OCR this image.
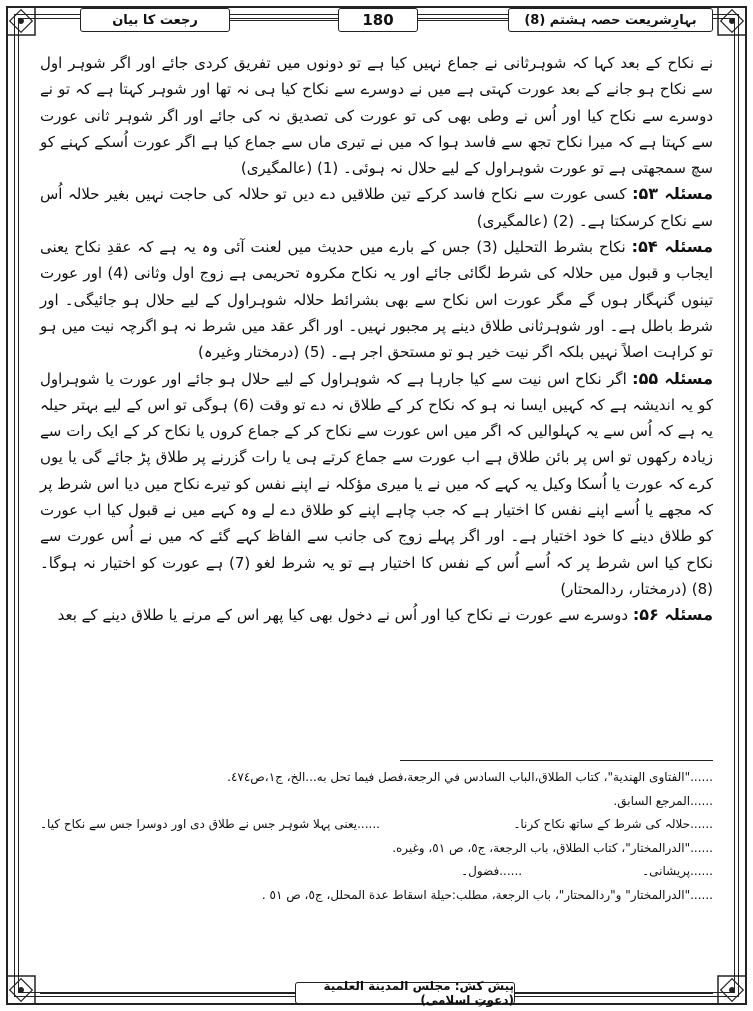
بہارِشریعت حصہ ہشتم (8)
180
رجعت کا بیان

نے نکاح کے بعد کہا کہ شوہرثانی نے جماع نہیں کیا ہے تو دونوں میں تفریق کردی جائے اور اگر شوہر اول سے نکاح ہو جانے کے بعد عورت کہتی ہے میں نے دوسرے سے نکاح کیا ہی نہ تھا اور شوہر کہتا ہے کہ تو نے دوسرے سے نکاح کیا اور اُس نے وطی بھی کی تو عورت کی تصدیق نہ کی جائے اور اگر شوہر ثانی عورت سے کہتا ہے کہ میرا نکاح تجھ سے فاسد ہوا کہ میں نے تیری ماں سے جماع کیا ہے اگر عورت اُسکے کہنے کو سچ سمجھتی ہے تو عورت شوہراول کے لیے حلال نہ ہوئی۔ (1) (عالمگیری)

مسئلہ ۵۳: کسی عورت سے نکاح فاسد کرکے تین طلاقیں دے دیں تو حلالہ کی حاجت نہیں بغیر حلالہ اُس سے نکاح کرسکتا ہے۔ (2) (عالمگیری)

مسئلہ ۵۴: نکاح بشرط التحلیل (3) جس کے بارے میں حدیث میں لعنت آئی وہ یہ ہے کہ عقدِ نکاح یعنی ایجاب و قبول میں حلالہ کی شرط لگائی جائے اور یہ نکاح مکروہ تحریمی ہے زوج اول وثانی (4) اور عورت تینوں گنہگار ہوں گے مگر عورت اس نکاح سے بھی بشرائط حلالہ شوہراول کے لیے حلال ہو جائیگی۔ اور شرط باطل ہے۔ اور شوہرثانی طلاق دینے پر مجبور نہیں۔ اور اگر عقد میں شرط نہ ہو اگرچہ نیت میں ہو تو کراہت اصلاً نہیں بلکہ اگر نیت خیر ہو تو مستحق اجر ہے۔ (5) (درمختار وغیرہ)

مسئلہ ۵۵: اگر نکاح اس نیت سے کیا جارہا ہے کہ شوہراول کے لیے حلال ہو جائے اور عورت یا شوہراول کو یہ اندیشہ ہے کہ کہیں ایسا نہ ہو کہ نکاح کر کے طلاق نہ دے تو وقت (6) ہوگی تو اس کے لیے بہتر حیلہ یہ ہے کہ اُس سے یہ کہلوالیں کہ اگر میں اس عورت سے نکاح کر کے جماع کروں یا نکاح کر کے ایک رات سے زیادہ رکھوں تو اس پر بائن طلاق ہے اب عورت سے جماع کرتے ہی یا رات گزرنے پر طلاق پڑ جائے گی یا یوں کرے کہ عورت یا اُسکا وکیل یہ کہے کہ میں نے یا میری مؤکلہ نے اپنے نفس کو تیرے نکاح میں دیا اس شرط پر کہ مجھے یا اُسے اپنے نفس کا اختیار ہے کہ جب چاہے اپنے کو طلاق دے لے وہ کہے میں نے قبول کیا اب عورت کو طلاق دینے کا خود اختیار ہے۔ اور اگر پہلے زوج کی جانب سے الفاظ کہے گئے کہ میں نے اُس عورت سے نکاح کیا اس شرط پر کہ اُسے اُس کے نفس کا اختیار ہے تو یہ شرط لغو (7) ہے عورت کو اختیار نہ ہوگا۔ (8) (درمختار، ردالمحتار)

مسئلہ ۵۶: دوسرے سے عورت نے نکاح کیا اور اُس نے دخول بھی کیا پھر اس کے مرنے یا طلاق دینے کے بعد

......"الفتاوی الهندیة"، کتاب الطلاق،الباب السادس في الرجعة،فصل فيما تحل به...الخ، ج١،ص٤٧٤.
......المرجع السابق.
......حلالہ کی شرط کے ساتھ نکاح کرنا۔
......یعنی پہلا شوہر جس نے طلاق دی اور دوسرا جس سے نکاح کیا۔
......"الدرالمختار"، کتاب الطلاق، باب الرجعة، ج٥، ص ٥١، وغیره.
......پریشانی۔
......فضول۔
......"الدرالمختار" و"ردالمحتار"، باب الرجعة، مطلب:حيلة اسقاط عدة المحلل، ج٥، ص ٥١ .
پیش کش: مجلس المدینة العلمیة (دعوتِ اسلامی)
